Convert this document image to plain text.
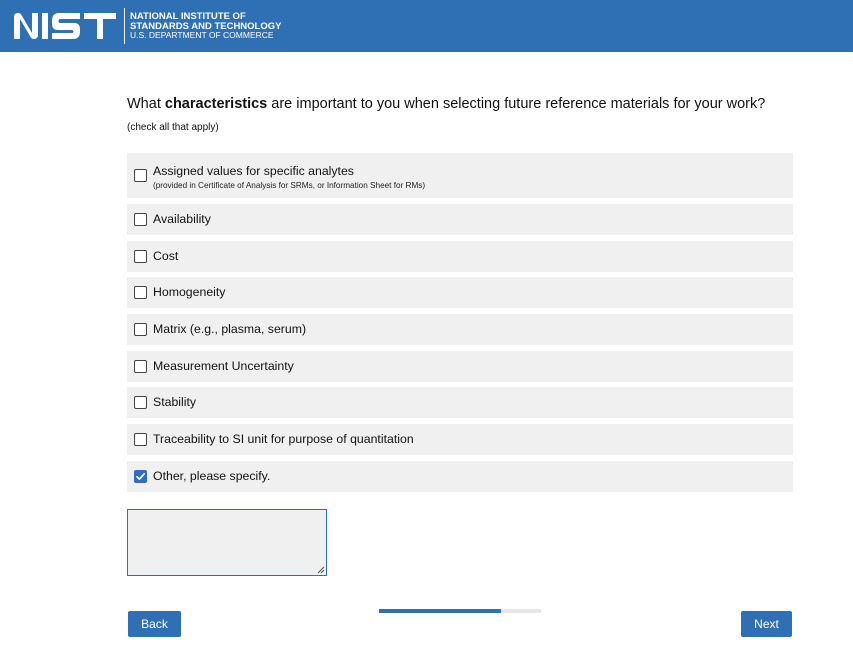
NATIONAL INSTITUTE OF
STANDARDS AND TECHNOLOGY
U.S. DEPARTMENT OF COMMERCE
What characteristics are important to you when selecting future reference materials for your work? (check all that apply)
Assigned values for specific analytes
(provided in Certificate of Analysis for SRMs, or Information Sheet for RMs)
Availability
Cost
Homogeneity
Matrix (e.g., plasma, serum)
Measurement Uncertainty
Stability
Traceability to SI unit for purpose of quantitation
Other, please specify.
Back	Next
